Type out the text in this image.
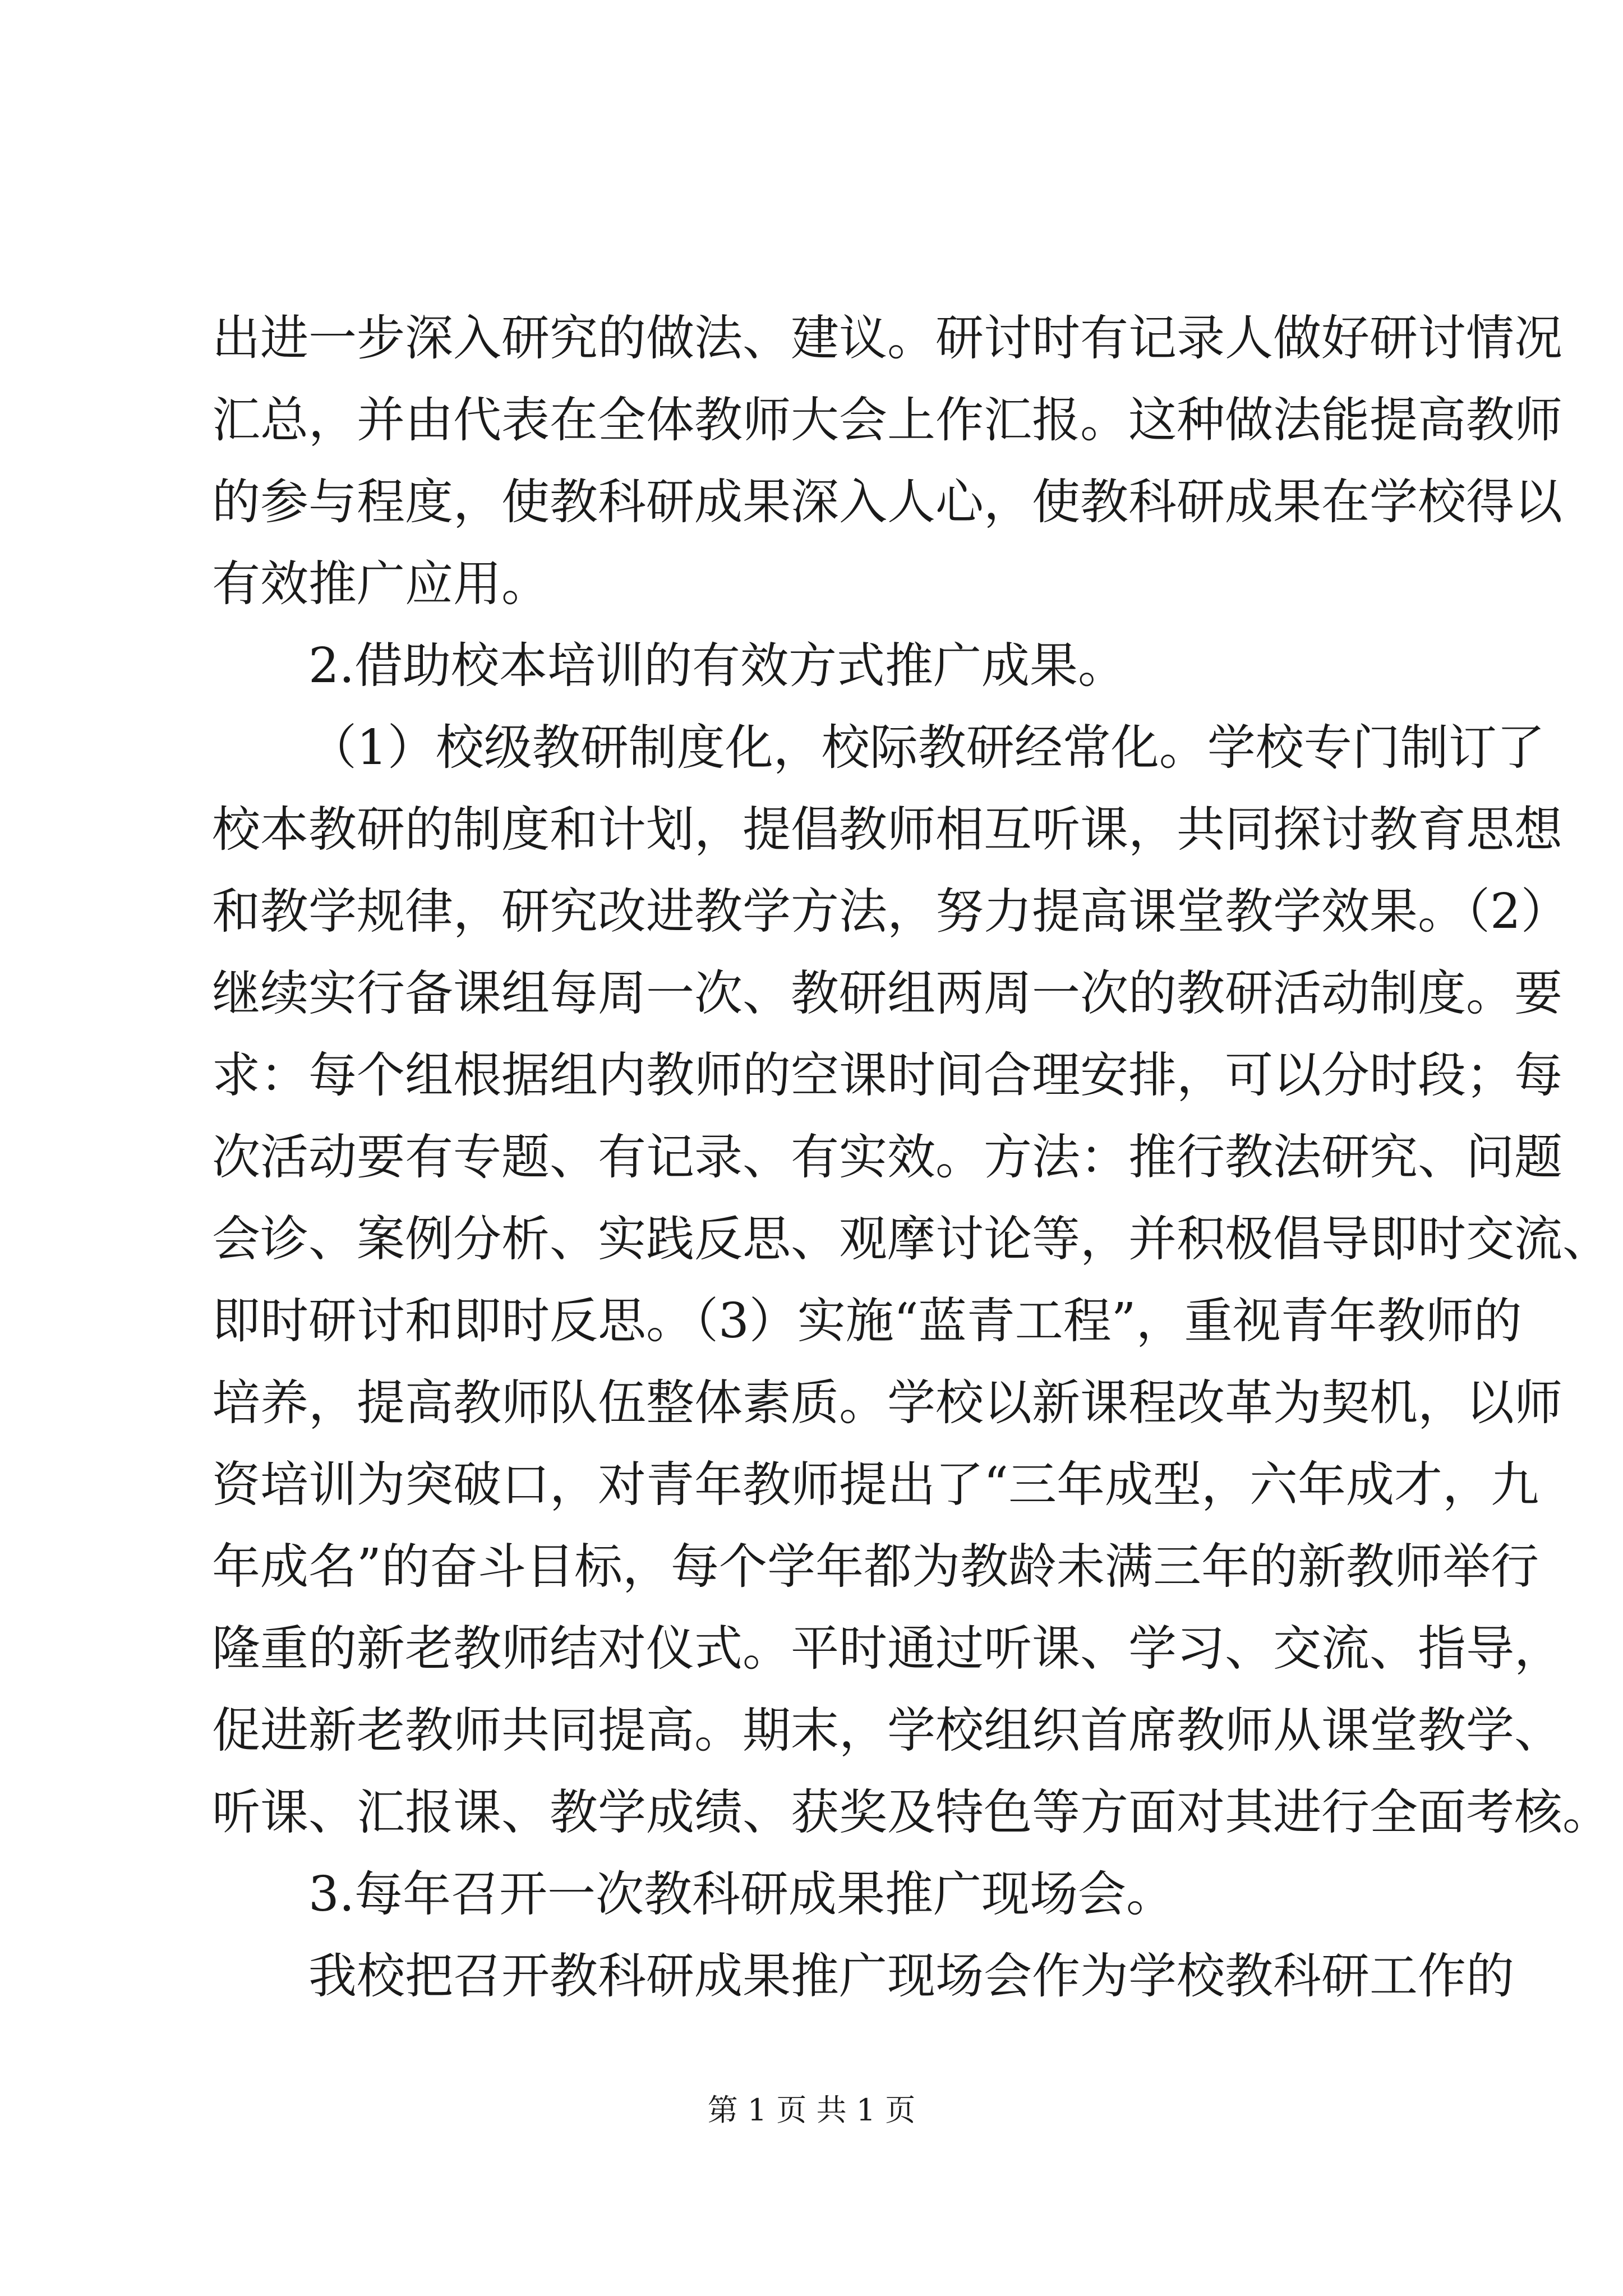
出进一步深入研究的做法、建议。研讨时有记录人做好研讨情况
汇总，并由代表在全体教师大会上作汇报。这种做法能提高教师
的参与程度，使教科研成果深入人心，使教科研成果在学校得以
有效推广应用。
2.借助校本培训的有效方式推广成果。
（1）校级教研制度化，校际教研经常化。学校专门制订了
校本教研的制度和计划，提倡教师相互听课，共同探讨教育思想
和教学规律，研究改进教学方法，努力提高课堂教学效果。（2）
继续实行备课组每周一次、教研组两周一次的教研活动制度。要
求：每个组根据组内教师的空课时间合理安排，可以分时段；每
次活动要有专题、有记录、有实效。方法：推行教法研究、问题
会诊、案例分析、实践反思、观摩讨论等，并积极倡导即时交流、
即时研讨和即时反思。（3）实施“蓝青工程”，重视青年教师的
培养，提高教师队伍整体素质。学校以新课程改革为契机，以师
资培训为突破口，对青年教师提出了“三年成型，六年成才，九
年成名”的奋斗目标，每个学年都为教龄未满三年的新教师举行
隆重的新老教师结对仪式。平时通过听课、学习、交流、指导，
促进新老教师共同提高。期末，学校组织首席教师从课堂教学、
听课、汇报课、教学成绩、获奖及特色等方面对其进行全面考核。
3.每年召开一次教科研成果推广现场会。
我校把召开教科研成果推广现场会作为学校教科研工作的
第 1 页 共 1 页
